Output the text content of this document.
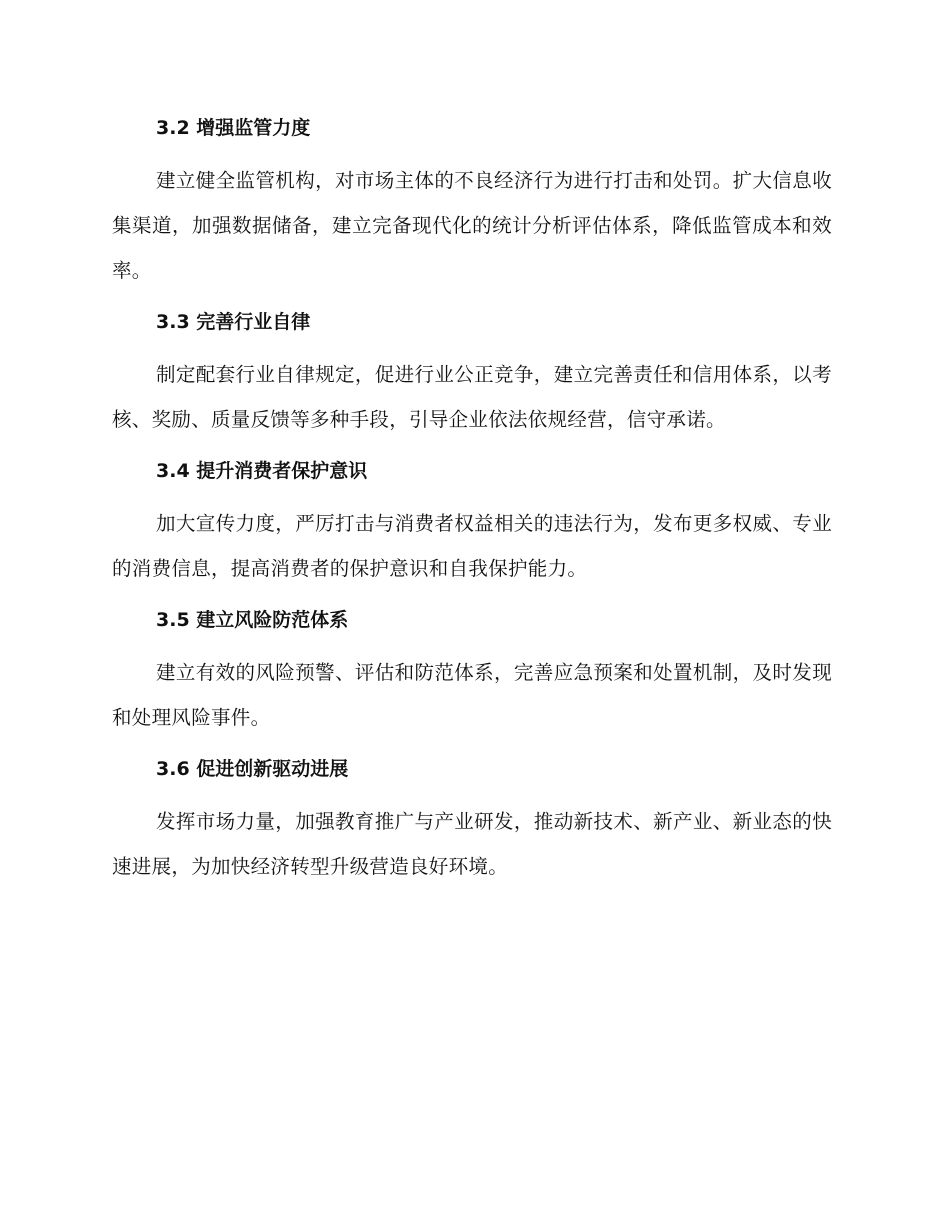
3.2 增强监管力度

建立健全监管机构，对市场主体的不良经济行为进行打击和处罚。扩大信息收集渠道，加强数据储备，建立完备现代化的统计分析评估体系，降低监管成本和效率。

3.3 完善行业自律

制定配套行业自律规定，促进行业公正竞争，建立完善责任和信用体系，以考核、奖励、质量反馈等多种手段，引导企业依法依规经营，信守承诺。

3.4 提升消费者保护意识

加大宣传力度，严厉打击与消费者权益相关的违法行为，发布更多权威、专业的消费信息，提高消费者的保护意识和自我保护能力。

3.5 建立风险防范体系

建立有效的风险预警、评估和防范体系，完善应急预案和处置机制，及时发现和处理风险事件。

3.6 促进创新驱动进展

发挥市场力量，加强教育推广与产业研发，推动新技术、新产业、新业态的快速进展，为加快经济转型升级营造良好环境。
